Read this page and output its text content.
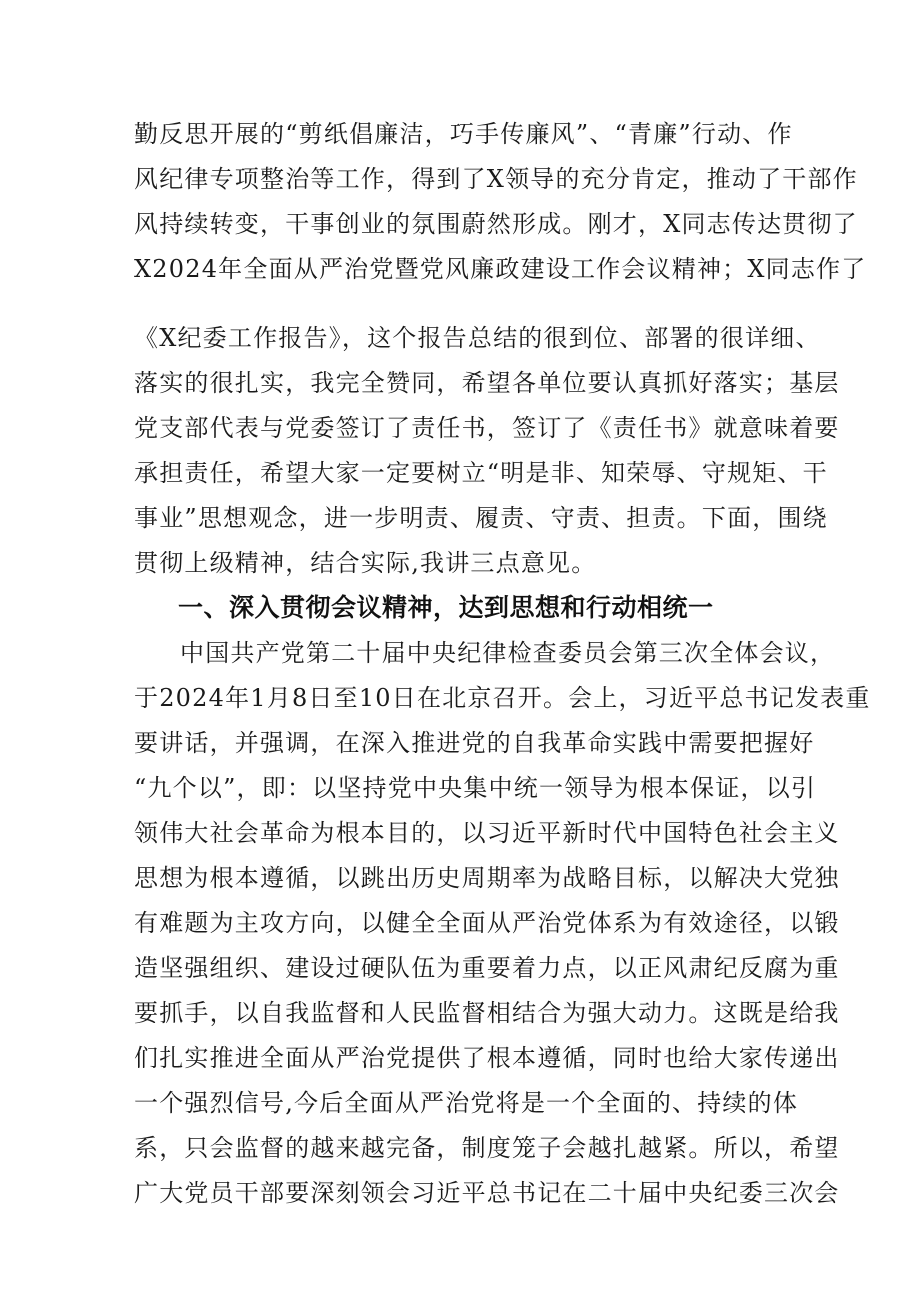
勤反思开展的“剪纸倡廉洁，巧手传廉风”、“青廉”行动、作
风纪律专项整治等工作，得到了X领导的充分肯定，推动了干部作
风持续转变，干事创业的氛围蔚然形成。刚才，X同志传达贯彻了
X2024年全面从严治党暨党风廉政建设工作会议精神；X同志作了
《X纪委工作报告》，这个报告总结的很到位、部署的很详细、
落实的很扎实，我完全赞同，希望各单位要认真抓好落实；基层
党支部代表与党委签订了责任书，签订了《责任书》就意味着要
承担责任，希望大家一定要树立“明是非、知荣辱、守规矩、干
事业”思想观念，进一步明责、履责、守责、担责。下面，围绕
贯彻上级精神，结合实际,我讲三点意见。
一、深入贯彻会议精神，达到思想和行动相统一
中国共产党第二十届中央纪律检查委员会第三次全体会议，
于2024年1月8日至10日在北京召开。会上，习近平总书记发表重
要讲话，并强调，在深入推进党的自我革命实践中需要把握好
“九个以”，即：以坚持党中央集中统一领导为根本保证，以引
领伟大社会革命为根本目的，以习近平新时代中国特色社会主义
思想为根本遵循，以跳出历史周期率为战略目标，以解决大党独
有难题为主攻方向，以健全全面从严治党体系为有效途径，以锻
造坚强组织、建设过硬队伍为重要着力点，以正风肃纪反腐为重
要抓手，以自我监督和人民监督相结合为强大动力。这既是给我
们扎实推进全面从严治党提供了根本遵循，同时也给大家传递出
一个强烈信号,今后全面从严治党将是一个全面的、持续的体
系，只会监督的越来越完备，制度笼子会越扎越紧。所以，希望
广大党员干部要深刻领会习近平总书记在二十届中央纪委三次会
